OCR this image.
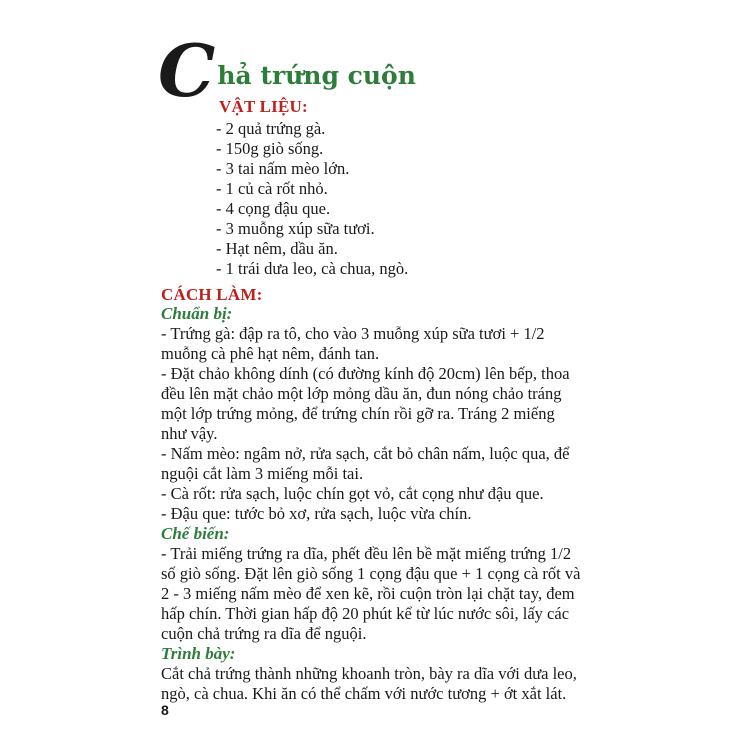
C hả trứng cuộn
VẬT LIỆU:
- 2 quả trứng gà.
- 150g giò sống.
- 3 tai nấm mèo lớn.
- 1 củ cà rốt nhỏ.
- 4 cọng đậu que.
- 3 muỗng xúp sữa tươi.
- Hạt nêm, dầu ăn.
- 1 trái dưa leo, cà chua, ngò.
CÁCH LÀM:
Chuẩn bị:
- Trứng gà: đập ra tô, cho vào 3 muỗng xúp sữa tươi + 1/2
muỗng cà phê hạt nêm, đánh tan.
- Đặt chảo không dính (có đường kính độ 20cm) lên bếp, thoa
đều lên mặt chảo một lớp mỏng dầu ăn, đun nóng chảo tráng
một lớp trứng mỏng, để trứng chín rồi gỡ ra. Tráng 2 miếng
như vậy.
- Nấm mèo: ngâm nở, rửa sạch, cắt bỏ chân nấm, luộc qua, để
nguội cắt làm 3 miếng mỗi tai.
- Cà rốt: rửa sạch, luộc chín gọt vỏ, cắt cọng như đậu que.
- Đậu que: tước bỏ xơ, rửa sạch, luộc vừa chín.
Chế biến:
- Trải miếng trứng ra dĩa, phết đều lên bề mặt miếng trứng 1/2
số giò sống. Đặt lên giò sống 1 cọng đậu que + 1 cọng cà rốt và
2 - 3 miếng nấm mèo để xen kẽ, rồi cuộn tròn lại chặt tay, đem
hấp chín. Thời gian hấp độ 20 phút kể từ lúc nước sôi, lấy các
cuộn chả trứng ra dĩa để nguội.
Trình bày:
Cắt chả trứng thành những khoanh tròn, bày ra dĩa với dưa leo,
ngò, cà chua. Khi ăn có thể chấm với nước tương + ớt xắt lát.
8
